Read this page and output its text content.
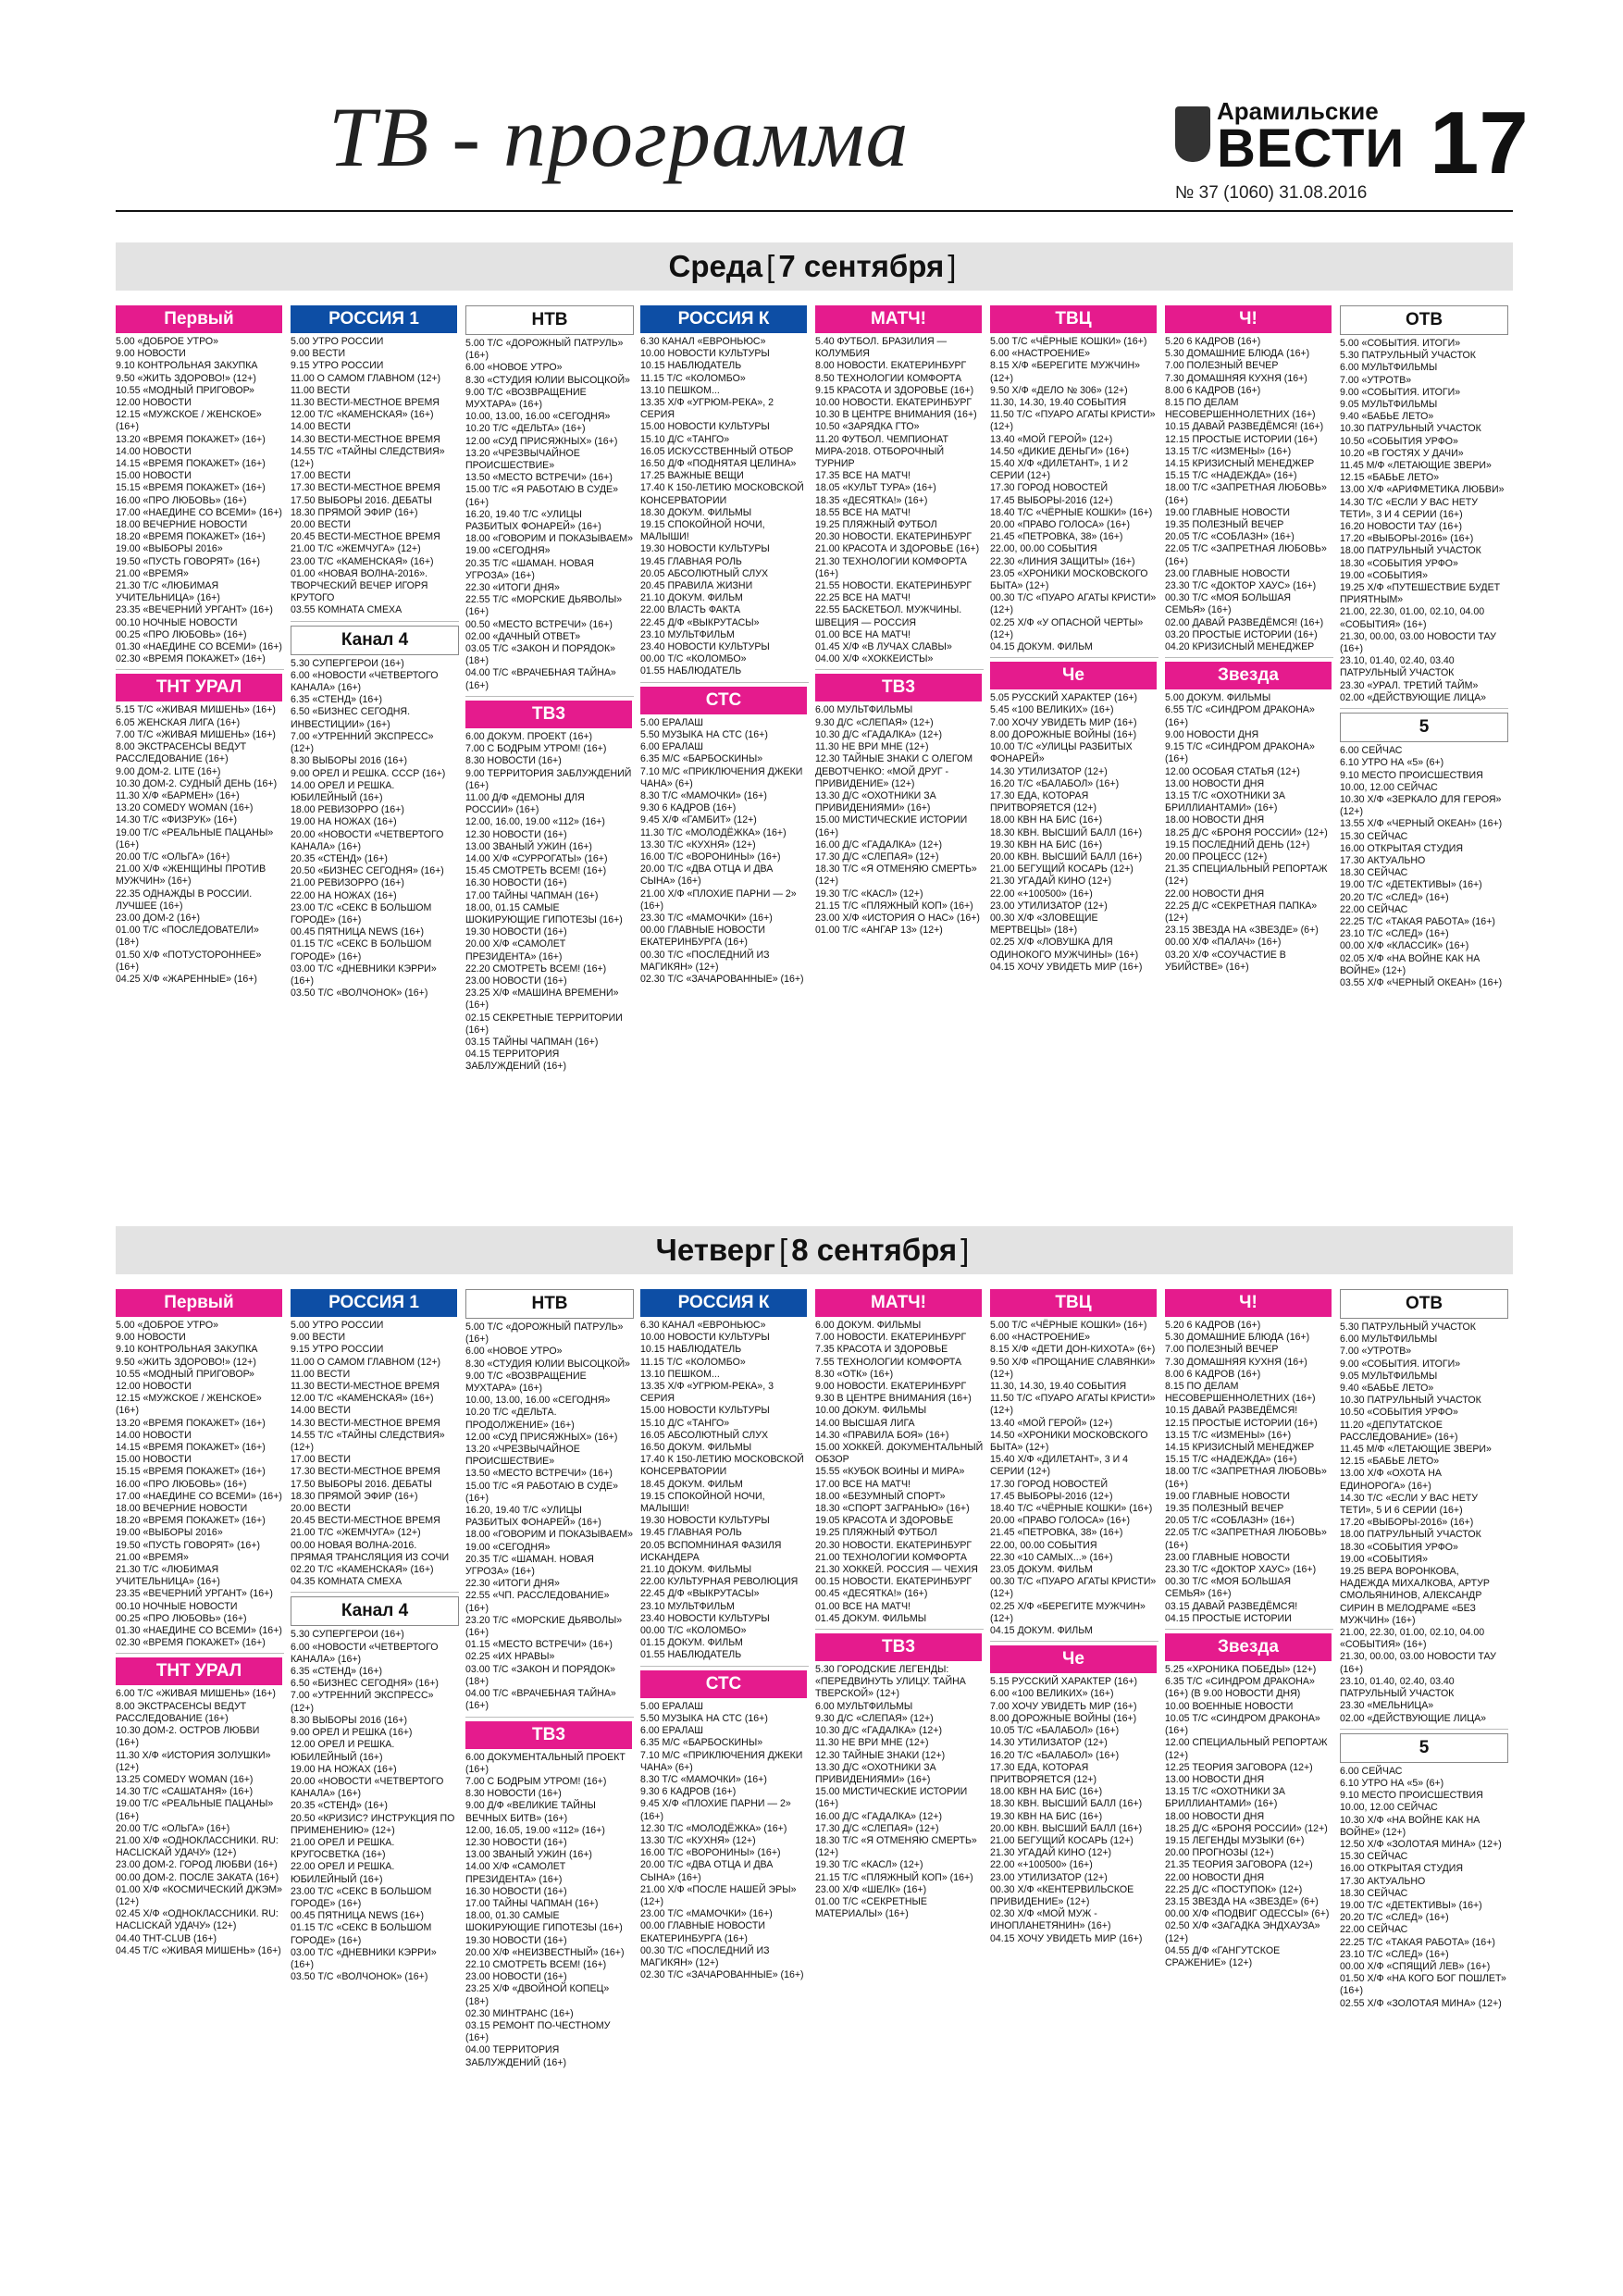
ТВ - программа	Арамильские
ВЕСТИ 17
№ 37 (1060) 31.08.2016
Среда [ 7 сентября ]
Первый
5.00 «ДОБРОЕ УТРО»
9.00 НОВОСТИ
9.10 КОНТРОЛЬНАЯ ЗАКУПКА
9.50 «ЖИТЬ ЗДОРОВО!» (12+)
10.55 «МОДНЫЙ ПРИГОВОР»
12.00 НОВОСТИ
12.15 «МУЖСКОЕ / ЖЕНСКОЕ» (16+)
13.20 «ВРЕМЯ ПОКАЖЕТ» (16+)
14.00 НОВОСТИ
14.15 «ВРЕМЯ ПОКАЖЕТ» (16+)
15.00 НОВОСТИ
15.15 «ВРЕМЯ ПОКАЖЕТ» (16+)
16.00 «ПРО ЛЮБОВЬ» (16+)
17.00 «НАЕДИНЕ СО ВСЕМИ» (16+)
18.00 ВЕЧЕРНИЕ НОВОСТИ
18.20 «ВРЕМЯ ПОКАЖЕТ» (16+)
19.00 «ВЫБОРЫ 2016»
19.50 «ПУСТЬ ГОВОРЯТ» (16+)
21.00 «ВРЕМЯ»
21.30 Т/С «ЛЮБИМАЯ УЧИТЕЛЬНИЦА» (16+)
23.35 «ВЕЧЕРНИЙ УРГАНТ» (16+)
00.10 НОЧНЫЕ НОВОСТИ
00.25 «ПРО ЛЮБОВЬ» (16+)
01.30 «НАЕДИНЕ СО ВСЕМИ» (16+)
02.30 «ВРЕМЯ ПОКАЖЕТ» (16+)
ТНТ УРАЛ
5.15 Т/С «ЖИВАЯ МИШЕНЬ» (16+)
6.05 ЖЕНСКАЯ ЛИГА (16+)
7.00 Т/С «ЖИВАЯ МИШЕНЬ» (16+)
8.00 ЭКСТРАСЕНСЫ ВЕДУТ РАССЛЕДОВАНИЕ (16+)
9.00 ДОМ-2. LITE (16+)
10.30 ДОМ-2. СУДНЫЙ ДЕНЬ (16+)
11.30 Х/Ф «БАРМЕН» (16+)
13.20 COMEDY WOMAN (16+)
14.30 Т/С «ФИЗРУК» (16+)
19.00 Т/С «РЕАЛЬНЫЕ ПАЦАНЫ» (16+)
20.00 Т/С «ОЛЬГА» (16+)
21.00 Х/Ф «ЖЕНЩИНЫ ПРОТИВ МУЖЧИН» (16+)
22.35 ОДНАЖДЫ В РОССИИ. ЛУЧШЕЕ (16+)
23.00 ДОМ-2 (16+)
01.00 Т/С «ПОСЛЕДОВАТЕЛИ» (18+)
01.50 Х/Ф «ПОТУСТОРОННЕЕ» (16+)
04.25 Х/Ф «ЖАРЕННЫЕ» (16+)
РОССИЯ 1
5.00 УТРО РОССИИ
9.00 ВЕСТИ
9.15 УТРО РОССИИ
11.00 О САМОМ ГЛАВНОМ (12+)
11.00 ВЕСТИ
11.30 ВЕСТИ-МЕСТНОЕ ВРЕМЯ
12.00 Т/С «КАМЕНСКАЯ» (16+)
14.00 ВЕСТИ
14.30 ВЕСТИ-МЕСТНОЕ ВРЕМЯ
14.55 Т/С «ТАЙНЫ СЛЕДСТВИЯ» (12+)
17.00 ВЕСТИ
17.30 ВЕСТИ-МЕСТНОЕ ВРЕМЯ
17.50 ВЫБОРЫ 2016. ДЕБАТЫ
18.30 ПРЯМОЙ ЭФИР (16+)
20.00 ВЕСТИ
20.45 ВЕСТИ-МЕСТНОЕ ВРЕМЯ
21.00 Т/С «ЖЕМЧУГА» (12+)
23.00 Т/С «КАМЕНСКАЯ» (16+)
01.00 «НОВАЯ ВОЛНА-2016». ТВОРЧЕСКИЙ ВЕЧЕР ИГОРЯ КРУТОГО
03.55 КОМНАТА СМЕХА
Канал 4
5.30 СУПЕРГЕРОИ (16+)
6.00 «НОВОСТИ «ЧЕТВЕРТОГО КАНАЛА» (16+)
6.35 «СТЕНД» (16+)
6.50 «БИЗНЕС СЕГОДНЯ. ИНВЕСТИЦИИ» (16+)
7.00 «УТРЕННИЙ ЭКСПРЕСС» (12+)
8.30 ВЫБОРЫ 2016 (16+)
9.00 ОРЕЛ И РЕШКА. СССР (16+)
14.00 ОРЕЛ И РЕШКА. ЮБИЛЕЙНЫЙ (16+)
18.00 РЕВИЗОРРО (16+)
19.00 НА НОЖАХ (16+)
20.00 «НОВОСТИ «ЧЕТВЕРТОГО КАНАЛА» (16+)
20.35 «СТЕНД» (16+)
20.50 «БИЗНЕС СЕГОДНЯ» (16+)
21.00 РЕВИЗОРРО (16+)
22.00 НА НОЖАХ (16+)
23.00 Т/С «СЕКС В БОЛЬШОМ ГОРОДЕ» (16+)
00.45 ПЯТНИЦА NEWS (16+)
01.15 Т/С «СЕКС В БОЛЬШОМ ГОРОДЕ» (16+)
03.00 Т/С «ДНЕВНИКИ КЭРРИ» (16+)
03.50 Т/С «ВОЛЧОНОК» (16+)
НТВ
5.00 Т/С «ДОРОЖНЫЙ ПАТРУЛЬ» (16+)
6.00 «НОВОЕ УТРО»
8.30 «СТУДИЯ ЮЛИИ ВЫСОЦКОЙ»
9.00 Т/С «ВОЗВРАЩЕНИЕ МУХТАРА» (16+)
10.00, 13.00, 16.00 «СЕГОДНЯ»
10.20 Т/С «ДЕЛЬТА» (16+)
12.00 «СУД ПРИСЯЖНЫХ» (16+)
13.20 «ЧРЕЗВЫЧАЙНОЕ ПРОИСШЕСТВИЕ»
13.50 «МЕСТО ВСТРЕЧИ» (16+)
15.00 Т/С «Я РАБОТАЮ В СУДЕ» (16+)
16.20, 19.40 Т/С «УЛИЦЫ РАЗБИТЫХ ФОНАРЕЙ» (16+)
18.00 «ГОВОРИМ И ПОКАЗЫВАЕМ»
19.00 «СЕГОДНЯ»
20.35 Т/С «ШАМАН. НОВАЯ УГРОЗА» (16+)
22.30 «ИТОГИ ДНЯ»
22.55 Т/С «МОРСКИЕ ДЬЯВОЛЫ» (16+)
00.50 «МЕСТО ВСТРЕЧИ» (16+)
02.00 «ДАЧНЫЙ ОТВЕТ»
03.05 Т/С «ЗАКОН И ПОРЯДОК» (18+)
04.00 Т/С «ВРАЧЕБНАЯ ТАЙНА» (16+)
ТВ3
6.00 ДОКУМ. ПРОЕКТ (16+)
7.00 С БОДРЫМ УТРОМ! (16+)
8.30 НОВОСТИ (16+)
9.00 ТЕРРИТОРИЯ ЗАБЛУЖДЕНИЙ (16+)
11.00 Д/Ф «ДЕМОНЫ ДЛЯ РОССИИ» (16+)
12.00, 16.00, 19.00 «112» (16+)
12.30 НОВОСТИ (16+)
13.00 ЗВАНЫЙ УЖИН (16+)
14.00 Х/Ф «СУРРОГАТЫ» (16+)
15.45 СМОТРЕТЬ ВСЕМ! (16+)
16.30 НОВОСТИ (16+)
17.00 ТАЙНЫ ЧАПМАН (16+)
18.00, 01.15 САМЫЕ ШОКИРУЮЩИЕ ГИПОТЕЗЫ (16+)
19.30 НОВОСТИ (16+)
20.00 Х/Ф «САМОЛЕТ ПРЕЗИДЕНТА» (16+)
22.20 СМОТРЕТЬ ВСЕМ! (16+)
23.00 НОВОСТИ (16+)
23.25 Х/Ф «МАШИНА ВРЕМЕНИ» (16+)
02.15 СЕКРЕТНЫЕ ТЕРРИТОРИИ (16+)
03.15 ТАЙНЫ ЧАПМАН (16+)
04.15 ТЕРРИТОРИЯ ЗАБЛУЖДЕНИЙ (16+)
РОССИЯ К
6.30 КАНАЛ «ЕВРОНЬЮС»
10.00 НОВОСТИ КУЛЬТУРЫ
10.15 НАБЛЮДАТЕЛЬ
11.15 Т/С «КОЛОМБО»
13.10 ПЕШКОМ...
13.35 Х/Ф «УГРЮМ-РЕКА», 2 СЕРИЯ
15.00 НОВОСТИ КУЛЬТУРЫ
15.10 Д/С «ТАНГО»
16.05 ИСКУССТВЕННЫЙ ОТБОР
16.50 Д/Ф «ПОДНЯТАЯ ЦЕЛИНА»
17.25 ВАЖНЫЕ ВЕЩИ
17.40 К 150-ЛЕТИЮ МОСКОВСКОЙ КОНСЕРВАТОРИИ
18.30 ДОКУМ. ФИЛЬМЫ
19.15 СПОКОЙНОЙ НОЧИ, МАЛЫШИ!
19.30 НОВОСТИ КУЛЬТУРЫ
19.45 ГЛАВНАЯ РОЛЬ
20.05 АБСОЛЮТНЫЙ СЛУХ
20.45 ПРАВИЛА ЖИЗНИ
21.10 ДОКУМ. ФИЛЬМ
22.00 ВЛАСТЬ ФАКТА
22.45 Д/Ф «ВЫКРУТАСЫ»
23.10 МУЛЬТФИЛЬМ
23.40 НОВОСТИ КУЛЬТУРЫ
00.00 Т/С «КОЛОМБО»
01.55 НАБЛЮДАТЕЛЬ
СТС
5.00 ЕРАЛАШ
5.50 МУЗЫКА НА СТС (16+)
6.00 ЕРАЛАШ
6.35 М/С «БАРБОСКИНЫ»
7.10 М/С «ПРИКЛЮЧЕНИЯ ДЖЕКИ ЧАНА» (6+)
8.30 Т/С «МАМОЧКИ» (16+)
9.30 6 КАДРОВ (16+)
9.45 Х/Ф «ГАМБИТ» (12+)
11.30 Т/С «МОЛОДЁЖКА» (16+)
13.30 Т/С «КУХНЯ» (12+)
16.00 Т/С «ВОРОНИНЫ» (16+)
20.00 Т/С «ДВА ОТЦА И ДВА СЫНА» (16+)
21.00 Х/Ф «ПЛОХИЕ ПАРНИ — 2» (16+)
23.30 Т/С «МАМОЧКИ» (16+)
00.00 ГЛАВНЫЕ НОВОСТИ ЕКАТЕРИНБУРГА (16+)
00.30 Т/С «ПОСЛЕДНИЙ ИЗ МАГИКЯН» (12+)
02.30 Т/С «ЗАЧАРОВАННЫЕ» (16+)
МАТЧ!
5.40 ФУТБОЛ. БРАЗИЛИЯ — КОЛУМБИЯ
8.00 НОВОСТИ. ЕКАТЕРИНБУРГ
8.50 ТЕХНОЛОГИИ КОМФОРТА
9.15 КРАСОТА И ЗДОРОВЬЕ (16+)
10.00 НОВОСТИ. ЕКАТЕРИНБУРГ
10.30 В ЦЕНТРЕ ВНИМАНИЯ (16+)
10.50 «ЗАРЯДКА ГТО»
11.20 ФУТБОЛ. ЧЕМПИОНАТ МИРА-2018. ОТБОРОЧНЫЙ ТУРНИР
17.35 ВСЕ НА МАТЧ!
18.05 «КУЛЬТ ТУРА» (16+)
18.35 «ДЕСЯТКА!» (16+)
18.55 ВСЕ НА МАТЧ!
19.25 ПЛЯЖНЫЙ ФУТБОЛ
20.30 НОВОСТИ. ЕКАТЕРИНБУРГ
21.00 КРАСОТА И ЗДОРОВЬЕ (16+)
21.30 ТЕХНОЛОГИИ КОМФОРТА (16+)
21.55 НОВОСТИ. ЕКАТЕРИНБУРГ
22.25 ВСЕ НА МАТЧ!
22.55 БАСКЕТБОЛ. МУЖЧИНЫ. ШВЕЦИЯ — РОССИЯ
01.00 ВСЕ НА МАТЧ!
01.45 Х/Ф «В ЛУЧАХ СЛАВЫ»
04.00 Х/Ф «ХОККЕИСТЫ»
ТВ3
6.00 МУЛЬТФИЛЬМЫ
9.30 Д/С «СЛЕПАЯ» (12+)
10.30 Д/С «ГАДАЛКА» (12+)
11.30 НЕ ВРИ МНЕ (12+)
12.30 ТАЙНЫЕ ЗНАКИ С ОЛЕГОМ ДЕВОТЧЕНКО: «МОЙ ДРУГ - ПРИВИДЕНИЕ» (12+)
13.30 Д/С «ОХОТНИКИ ЗА ПРИВИДЕНИЯМИ» (16+)
15.00 МИСТИЧЕСКИЕ ИСТОРИИ (16+)
16.00 Д/С «ГАДАЛКА» (12+)
17.30 Д/С «СЛЕПАЯ» (12+)
18.30 Т/С «Я ОТМЕНЯЮ СМЕРТЬ» (12+)
19.30 Т/С «КАСЛ» (12+)
21.15 Т/С «ПЛЯЖНЫЙ КОП» (16+)
23.00 Х/Ф «ИСТОРИЯ О НАС» (16+)
01.00 Т/С «АНГАР 13» (12+)
ТВЦ
5.00 Т/С «ЧЁРНЫЕ КОШКИ» (16+)
6.00 «НАСТРОЕНИЕ»
8.15 Х/Ф «БЕРЕГИТЕ МУЖЧИН» (12+)
9.50 Х/Ф «ДЕЛО № 306» (12+)
11.30, 14.30, 19.40 СОБЫТИЯ
11.50 Т/С «ПУАРО АГАТЫ КРИСТИ» (12+)
13.40 «МОЙ ГЕРОЙ» (12+)
14.50 «ДИКИЕ ДЕНЬГИ» (16+)
15.40 Х/Ф «ДИЛЕТАНТ», 1 И 2 СЕРИИ (12+)
17.30 ГОРОД НОВОСТЕЙ
17.45 ВЫБОРЫ-2016 (12+)
18.40 Т/С «ЧЁРНЫЕ КОШКИ» (16+)
20.00 «ПРАВО ГОЛОСА» (16+)
21.45 «ПЕТРОВКА, 38» (16+)
22.00, 00.00 СОБЫТИЯ
22.30 «ЛИНИЯ ЗАЩИТЫ» (16+)
23.05 «ХРОНИКИ МОСКОВСКОГО БЫТА» (12+)
00.30 Т/С «ПУАРО АГАТЫ КРИСТИ» (12+)
02.25 Х/Ф «У ОПАСНОЙ ЧЕРТЫ» (12+)
04.15 ДОКУМ. ФИЛЬМ
Че
5.05 РУССКИЙ ХАРАКТЕР (16+)
5.45 «100 ВЕЛИКИХ» (16+)
7.00 ХОЧУ УВИДЕТЬ МИР (16+)
8.00 ДОРОЖНЫЕ ВОЙНЫ (16+)
10.00 Т/С «УЛИЦЫ РАЗБИТЫХ ФОНАРЕЙ»
14.30 УТИЛИЗАТОР (12+)
16.20 Т/С «БАЛАБОЛ» (16+)
17.30 ЕДА, КОТОРАЯ ПРИТВОРЯЕТСЯ (12+)
18.00 КВН НА БИС (16+)
18.30 КВН. ВЫСШИЙ БАЛЛ (16+)
19.30 КВН НА БИС (16+)
20.00 КВН. ВЫСШИЙ БАЛЛ (16+)
21.00 БЕГУЩИЙ КОСАРЬ (12+)
21.30 УГАДАЙ КИНО (12+)
22.00 «+100500» (16+)
23.00 УТИЛИЗАТОР (12+)
00.30 Х/Ф «ЗЛОВЕЩИЕ МЕРТВЕЦЫ» (18+)
02.25 Х/Ф «ЛОВУШКА ДЛЯ ОДИНОКОГО МУЖЧИНЫ» (16+)
04.15 ХОЧУ УВИДЕТЬ МИР (16+)
Ч!
5.20 6 КАДРОВ (16+)
5.30 ДОМАШНИЕ БЛЮДА (16+)
7.00 ПОЛЕЗНЫЙ ВЕЧЕР
7.30 ДОМАШНЯЯ КУХНЯ (16+)
8.00 6 КАДРОВ (16+)
8.15 ПО ДЕЛАМ НЕСОВЕРШЕННОЛЕТНИХ (16+)
10.15 ДАВАЙ РАЗВЕДЁМСЯ! (16+)
12.15 ПРОСТЫЕ ИСТОРИИ (16+)
13.15 Т/С «ИЗМЕНЫ» (16+)
14.15 КРИЗИСНЫЙ МЕНЕДЖЕР
15.15 Т/С «НАДЕЖДА» (16+)
18.00 Т/С «ЗАПРЕТНАЯ ЛЮБОВЬ» (16+)
19.00 ГЛАВНЫЕ НОВОСТИ
19.35 ПОЛЕЗНЫЙ ВЕЧЕР
20.05 Т/С «СОБЛАЗН» (16+)
22.05 Т/С «ЗАПРЕТНАЯ ЛЮБОВЬ» (16+)
23.00 ГЛАВНЫЕ НОВОСТИ
23.30 Т/С «ДОКТОР ХАУС» (16+)
00.30 Т/С «МОЯ БОЛЬШАЯ СЕМЬЯ» (16+)
02.00 ДАВАЙ РАЗВЕДЁМСЯ! (16+)
03.20 ПРОСТЫЕ ИСТОРИИ (16+)
04.20 КРИЗИСНЫЙ МЕНЕДЖЕР
Звезда
5.00 ДОКУМ. ФИЛЬМЫ
6.55 Т/С «СИНДРОМ ДРАКОНА» (16+)
9.00 НОВОСТИ ДНЯ
9.15 Т/С «СИНДРОМ ДРАКОНА» (16+)
12.00 ОСОБАЯ СТАТЬЯ (12+)
13.00 НОВОСТИ ДНЯ
13.15 Т/С «ОХОТНИКИ ЗА БРИЛЛИАНТАМИ» (16+)
18.00 НОВОСТИ ДНЯ
18.25 Д/С «БРОНЯ РОССИИ» (12+)
19.15 ПОСЛЕДНИЙ ДЕНЬ (12+)
20.00 ПРОЦЕСС (12+)
21.35 СПЕЦИАЛЬНЫЙ РЕПОРТАЖ (12+)
22.00 НОВОСТИ ДНЯ
22.25 Д/С «СЕКРЕТНАЯ ПАПКА» (12+)
23.15 ЗВЕЗДА НА «ЗВЕЗДЕ» (6+)
00.00 Х/Ф «ПАЛАЧ» (16+)
03.20 Х/Ф «СОУЧАСТИЕ В УБИЙСТВЕ» (16+)
ОТВ
5.00 «СОБЫТИЯ. ИТОГИ»
5.30 ПАТРУЛЬНЫЙ УЧАСТОК
6.00 МУЛЬТФИЛЬМЫ
7.00 «УТРОТВ»
9.00 «СОБЫТИЯ. ИТОГИ»
9.05 МУЛЬТФИЛЬМЫ
9.40 «БАБЬЕ ЛЕТО»
10.30 ПАТРУЛЬНЫЙ УЧАСТОК
10.50 «СОБЫТИЯ УРФО»
10.20 «В ГОСТЯХ У ДАЧИ»
11.45 М/Ф «ЛЕТАЮЩИЕ ЗВЕРИ»
12.15 «БАБЬЕ ЛЕТО»
13.00 Х/Ф «АРИФМЕТИКА ЛЮБВИ»
14.30 Т/С «ЕСЛИ У ВАС НЕТУ ТЕТИ», 3 И 4 СЕРИИ (16+)
16.20 НОВОСТИ ТАУ (16+)
17.20 «ВЫБОРЫ-2016» (16+)
18.00 ПАТРУЛЬНЫЙ УЧАСТОК
18.30 «СОБЫТИЯ УРФО»
19.00 «СОБЫТИЯ»
19.25 Х/Ф «ПУТЕШЕСТВИЕ БУДЕТ ПРИЯТНЫМ»
21.00, 22.30, 01.00, 02.10, 04.00 «СОБЫТИЯ» (16+)
21.30, 00.00, 03.00 НОВОСТИ ТАУ (16+)
23.10, 01.40, 02.40, 03.40 ПАТРУЛЬНЫЙ УЧАСТОК
23.30 «УРАЛ. ТРЕТИЙ ТАЙМ»
02.00 «ДЕЙСТВУЮЩИЕ ЛИЦА»
5
6.00 СЕЙЧАС
6.10 УТРО НА «5» (6+)
9.10 МЕСТО ПРОИСШЕСТВИЯ
10.00, 12.00 СЕЙЧАС
10.30 Х/Ф «ЗЕРКАЛО ДЛЯ ГЕРОЯ» (12+)
13.55 Х/Ф «ЧЕРНЫЙ ОКЕАН» (16+)
15.30 СЕЙЧАС
16.00 ОТКРЫТАЯ СТУДИЯ
17.30 АКТУАЛЬНО
18.30 СЕЙЧАС
19.00 Т/С «ДЕТЕКТИВЫ» (16+)
20.20 Т/С «СЛЕД» (16+)
22.00 СЕЙЧАС
22.25 Т/С «ТАКАЯ РАБОТА» (16+)
23.10 Т/С «СЛЕД» (16+)
00.00 Х/Ф «КЛАССИК» (16+)
02.05 Х/Ф «НА ВОЙНЕ КАК НА ВОЙНЕ» (12+)
03.55 Х/Ф «ЧЕРНЫЙ ОКЕАН» (16+)
Четверг [ 8 сентября ]
Первый
5.00 «ДОБРОЕ УТРО»
9.00 НОВОСТИ
9.10 КОНТРОЛЬНАЯ ЗАКУПКА
9.50 «ЖИТЬ ЗДОРОВО!» (12+)
10.55 «МОДНЫЙ ПРИГОВОР»
12.00 НОВОСТИ
12.15 «МУЖСКОЕ / ЖЕНСКОЕ» (16+)
13.20 «ВРЕМЯ ПОКАЖЕТ» (16+)
14.00 НОВОСТИ
14.15 «ВРЕМЯ ПОКАЖЕТ» (16+)
15.00 НОВОСТИ
15.15 «ВРЕМЯ ПОКАЖЕТ» (16+)
16.00 «ПРО ЛЮБОВЬ» (16+)
17.00 «НАЕДИНЕ СО ВСЕМИ» (16+)
18.00 ВЕЧЕРНИЕ НОВОСТИ
18.20 «ВРЕМЯ ПОКАЖЕТ» (16+)
19.00 «ВЫБОРЫ 2016»
19.50 «ПУСТЬ ГОВОРЯТ» (16+)
21.00 «ВРЕМЯ»
21.30 Т/С «ЛЮБИМАЯ УЧИТЕЛЬНИЦА» (16+)
23.35 «ВЕЧЕРНИЙ УРГАНТ» (16+)
00.10 НОЧНЫЕ НОВОСТИ
00.25 «ПРО ЛЮБОВЬ» (16+)
01.30 «НАЕДИНЕ СО ВСЕМИ» (16+)
02.30 «ВРЕМЯ ПОКАЖЕТ» (16+)
ТНТ УРАЛ
6.00 Т/С «ЖИВАЯ МИШЕНЬ» (16+)
8.00 ЭКСТРАСЕНСЫ ВЕДУТ РАССЛЕДОВАНИЕ (16+)
10.30 ДОМ-2. ОСТРОВ ЛЮБВИ (16+)
11.30 Х/Ф «ИСТОРИЯ ЗОЛУШКИ» (12+)
13.25 COMEDY WOMAN (16+)
14.30 Т/С «САШАТАНЯ» (16+)
19.00 Т/С «РЕАЛЬНЫЕ ПАЦАНЫ» (16+)
20.00 Т/С «ОЛЬГА» (16+)
21.00 Х/Ф «ОДНОКЛАССНИКИ. RU: НАCLICKАЙ УДАЧУ» (12+)
23.00 ДОМ-2. ГОРОД ЛЮБВИ (16+)
00.00 ДОМ-2. ПОСЛЕ ЗАКАТА (16+)
01.00 Х/Ф «КОСМИЧЕСКИЙ ДЖЭМ» (12+)
02.45 Х/Ф «ОДНОКЛАССНИКИ. RU: НАCLICKАЙ УДАЧУ» (12+)
04.40 THT-CLUB (16+)
04.45 Т/С «ЖИВАЯ МИШЕНЬ» (16+)
РОССИЯ 1
5.00 УТРО РОССИИ
9.00 ВЕСТИ
9.15 УТРО РОССИИ
11.00 О САМОМ ГЛАВНОМ (12+)
11.00 ВЕСТИ
11.30 ВЕСТИ-МЕСТНОЕ ВРЕМЯ
12.00 Т/С «КАМЕНСКАЯ» (16+)
14.00 ВЕСТИ
14.30 ВЕСТИ-МЕСТНОЕ ВРЕМЯ
14.55 Т/С «ТАЙНЫ СЛЕДСТВИЯ» (12+)
17.00 ВЕСТИ
17.30 ВЕСТИ-МЕСТНОЕ ВРЕМЯ
17.50 ВЫБОРЫ 2016. ДЕБАТЫ
18.30 ПРЯМОЙ ЭФИР (16+)
20.00 ВЕСТИ
20.45 ВЕСТИ-МЕСТНОЕ ВРЕМЯ
21.00 Т/С «ЖЕМЧУГА» (12+)
00.00 НОВАЯ ВОЛНА-2016. ПРЯМАЯ ТРАНСЛЯЦИЯ ИЗ СОЧИ
02.20 Т/С «КАМЕНСКАЯ» (16+)
04.35 КОМНАТА СМЕХА
Канал 4
5.30 СУПЕРГЕРОИ (16+)
6.00 «НОВОСТИ «ЧЕТВЕРТОГО КАНАЛА» (16+)
6.35 «СТЕНД» (16+)
6.50 «БИЗНЕС СЕГОДНЯ» (16+)
7.00 «УТРЕННИЙ ЭКСПРЕСС» (12+)
8.30 ВЫБОРЫ 2016 (16+)
9.00 ОРЕЛ И РЕШКА (16+)
12.00 ОРЕЛ И РЕШКА. ЮБИЛЕЙНЫЙ (16+)
19.00 НА НОЖАХ (16+)
20.00 «НОВОСТИ «ЧЕТВЕРТОГО КАНАЛА» (16+)
20.35 «СТЕНД» (16+)
20.50 «КРИЗИС? ИНСТРУКЦИЯ ПО ПРИМЕНЕНИЮ» (12+)
21.00 ОРЕЛ И РЕШКА. КРУГОСВЕТКА (16+)
22.00 ОРЕЛ И РЕШКА. ЮБИЛЕЙНЫЙ (16+)
23.00 Т/С «СЕКС В БОЛЬШОМ ГОРОДЕ» (16+)
00.45 ПЯТНИЦА NEWS (16+)
01.15 Т/С «СЕКС В БОЛЬШОМ ГОРОДЕ» (16+)
03.00 Т/С «ДНЕВНИКИ КЭРРИ» (16+)
03.50 Т/С «ВОЛЧОНОК» (16+)
НТВ
5.00 Т/С «ДОРОЖНЫЙ ПАТРУЛЬ» (16+)
6.00 «НОВОЕ УТРО»
8.30 «СТУДИЯ ЮЛИИ ВЫСОЦКОЙ»
9.00 Т/С «ВОЗВРАЩЕНИЕ МУХТАРА» (16+)
10.00, 13.00, 16.00 «СЕГОДНЯ»
10.20 Т/С «ДЕЛЬТА. ПРОДОЛЖЕНИЕ» (16+)
12.00 «СУД ПРИСЯЖНЫХ» (16+)
13.20 «ЧРЕЗВЫЧАЙНОЕ ПРОИСШЕСТВИЕ»
13.50 «МЕСТО ВСТРЕЧИ» (16+)
15.00 Т/С «Я РАБОТАЮ В СУДЕ» (16+)
16.20, 19.40 Т/С «УЛИЦЫ РАЗБИТЫХ ФОНАРЕЙ» (16+)
18.00 «ГОВОРИМ И ПОКАЗЫВАЕМ»
19.00 «СЕГОДНЯ»
20.35 Т/С «ШАМАН. НОВАЯ УГРОЗА» (16+)
22.30 «ИТОГИ ДНЯ»
22.55 «ЧП. РАССЛЕДОВАНИЕ» (16+)
23.20 Т/С «МОРСКИЕ ДЬЯВОЛЫ» (16+)
01.15 «МЕСТО ВСТРЕЧИ» (16+)
02.25 «ИХ НРАВЫ»
03.00 Т/С «ЗАКОН И ПОРЯДОК» (18+)
04.00 Т/С «ВРАЧЕБНАЯ ТАЙНА» (16+)
ТВ3
6.00 ДОКУМЕНТАЛЬНЫЙ ПРОЕКТ (16+)
7.00 С БОДРЫМ УТРОМ! (16+)
8.30 НОВОСТИ (16+)
9.00 Д/Ф «ВЕЛИКИЕ ТАЙНЫ ВЕЧНЫХ БИТВ» (16+)
12.00, 16.05, 19.00 «112» (16+)
12.30 НОВОСТИ (16+)
13.00 ЗВАНЫЙ УЖИН (16+)
14.00 Х/Ф «САМОЛЕТ ПРЕЗИДЕНТА» (16+)
16.30 НОВОСТИ (16+)
17.00 ТАЙНЫ ЧАПМАН (16+)
18.00, 01.30 САМЫЕ ШОКИРУЮЩИЕ ГИПОТЕЗЫ (16+)
19.30 НОВОСТИ (16+)
20.00 Х/Ф «НЕИЗВЕСТНЫЙ» (16+)
22.10 СМОТРЕТЬ ВСЕМ! (16+)
23.00 НОВОСТИ (16+)
23.25 Х/Ф «ДВОЙНОЙ КОПЕЦ» (18+)
02.30 МИНТРАНС (16+)
03.15 РЕМОНТ ПО-ЧЕСТНОМУ (16+)
04.00 ТЕРРИТОРИЯ ЗАБЛУЖДЕНИЙ (16+)
РОССИЯ К
6.30 КАНАЛ «ЕВРОНЬЮС»
10.00 НОВОСТИ КУЛЬТУРЫ
10.15 НАБЛЮДАТЕЛЬ
11.15 Т/С «КОЛОМБО»
13.10 ПЕШКОМ...
13.35 Х/Ф «УГРЮМ-РЕКА», 3 СЕРИЯ
15.00 НОВОСТИ КУЛЬТУРЫ
15.10 Д/С «ТАНГО»
16.05 АБСОЛЮТНЫЙ СЛУХ
16.50 ДОКУМ. ФИЛЬМЫ
17.40 К 150-ЛЕТИЮ МОСКОВСКОЙ КОНСЕРВАТОРИИ
18.45 ДОКУМ. ФИЛЬМ
19.15 СПОКОЙНОЙ НОЧИ, МАЛЫШИ!
19.30 НОВОСТИ КУЛЬТУРЫ
19.45 ГЛАВНАЯ РОЛЬ
20.05 ВСПОМНИНАЯ ФАЗИЛЯ ИСКАНДЕРА
21.10 ДОКУМ. ФИЛЬМЫ
22.00 КУЛЬТУРНАЯ РЕВОЛЮЦИЯ
22.45 Д/Ф «ВЫКРУТАСЫ»
23.10 МУЛЬТФИЛЬМ
23.40 НОВОСТИ КУЛЬТУРЫ
00.00 Т/С «КОЛОМБО»
01.15 ДОКУМ. ФИЛЬМ
01.55 НАБЛЮДАТЕЛЬ
СТС
5.00 ЕРАЛАШ
5.50 МУЗЫКА НА СТС (16+)
6.00 ЕРАЛАШ
6.35 М/С «БАРБОСКИНЫ»
7.10 М/С «ПРИКЛЮЧЕНИЯ ДЖЕКИ ЧАНА» (6+)
8.30 Т/С «МАМОЧКИ» (16+)
9.30 6 КАДРОВ (16+)
9.45 Х/Ф «ПЛОХИЕ ПАРНИ — 2» (16+)
12.30 Т/С «МОЛОДЁЖКА» (16+)
13.30 Т/С «КУХНЯ» (12+)
16.00 Т/С «ВОРОНИНЫ» (16+)
20.00 Т/С «ДВА ОТЦА И ДВА СЫНА» (16+)
21.00 Х/Ф «ПОСЛЕ НАШЕЙ ЭРЫ» (12+)
23.00 Т/С «МАМОЧКИ» (16+)
00.00 ГЛАВНЫЕ НОВОСТИ ЕКАТЕРИНБУРГА (16+)
00.30 Т/С «ПОСЛЕДНИЙ ИЗ МАГИКЯН» (12+)
02.30 Т/С «ЗАЧАРОВАННЫЕ» (16+)
МАТЧ!
6.00 ДОКУМ. ФИЛЬМЫ
7.00 НОВОСТИ. ЕКАТЕРИНБУРГ
7.35 КРАСОТА И ЗДОРОВЬЕ
7.55 ТЕХНОЛОГИИ КОМФОРТА
8.30 «ОТК» (16+)
9.00 НОВОСТИ. ЕКАТЕРИНБУРГ
9.30 В ЦЕНТРЕ ВНИМАНИЯ (16+)
10.00 ДОКУМ. ФИЛЬМЫ
14.00 ВЫСШАЯ ЛИГА
14.30 «ПРАВИЛА БОЯ» (16+)
15.00 ХОККЕЙ. ДОКУМЕНТАЛЬНЫЙ ОБЗОР
15.55 «КУБОК ВОИНЫ И МИРА»
17.00 ВСЕ НА МАТЧ!
18.00 «БЕЗУМНЫЙ СПОРТ»
18.30 «СПОРТ ЗАГРАНЬЮ» (16+)
19.05 КРАСОТА И ЗДОРОВЬЕ
19.25 ПЛЯЖНЫЙ ФУТБОЛ
20.30 НОВОСТИ. ЕКАТЕРИНБУРГ
21.00 ТЕХНОЛОГИИ КОМФОРТА
21.30 ХОККЕЙ. РОССИЯ — ЧЕХИЯ
00.15 НОВОСТИ. ЕКАТЕРИНБУРГ
00.45 «ДЕСЯТКА!» (16+)
01.00 ВСЕ НА МАТЧ!
01.45 ДОКУМ. ФИЛЬМЫ
ТВ3
5.30 ГОРОДСКИЕ ЛЕГЕНДЫ: «ПЕРЕДВИНУТЬ УЛИЦУ. ТАЙНА ТВЕРСКОЙ» (12+)
6.00 МУЛЬТФИЛЬМЫ
9.30 Д/С «СЛЕПАЯ» (12+)
10.30 Д/С «ГАДАЛКА» (12+)
11.30 НЕ ВРИ МНЕ (12+)
12.30 ТАЙНЫЕ ЗНАКИ (12+)
13.30 Д/С «ОХОТНИКИ ЗА ПРИВИДЕНИЯМИ» (16+)
15.00 МИСТИЧЕСКИЕ ИСТОРИИ (16+)
16.00 Д/С «ГАДАЛКА» (12+)
17.30 Д/С «СЛЕПАЯ» (12+)
18.30 Т/С «Я ОТМЕНЯЮ СМЕРТЬ» (12+)
19.30 Т/С «КАСЛ» (12+)
21.15 Т/С «ПЛЯЖНЫЙ КОП» (16+)
23.00 Х/Ф «ШЕЛК» (16+)
01.00 Т/С «СЕКРЕТНЫЕ МАТЕРИАЛЫ» (16+)
ТВЦ
5.00 Т/С «ЧЁРНЫЕ КОШКИ» (16+)
6.00 «НАСТРОЕНИЕ»
8.15 Х/Ф «ДЕТИ ДОН-КИХОТА» (6+)
9.50 Х/Ф «ПРОЩАНИЕ СЛАВЯНКИ» (12+)
11.30, 14.30, 19.40 СОБЫТИЯ
11.50 Т/С «ПУАРО АГАТЫ КРИСТИ» (12+)
13.40 «МОЙ ГЕРОЙ» (12+)
14.50 «ХРОНИКИ МОСКОВСКОГО БЫТА» (12+)
15.40 Х/Ф «ДИЛЕТАНТ», 3 И 4 СЕРИИ (12+)
17.30 ГОРОД НОВОСТЕЙ
17.45 ВЫБОРЫ-2016 (12+)
18.40 Т/С «ЧЁРНЫЕ КОШКИ» (16+)
20.00 «ПРАВО ГОЛОСА» (16+)
21.45 «ПЕТРОВКА, 38» (16+)
22.00, 00.00 СОБЫТИЯ
22.30 «10 САМЫХ...» (16+)
23.05 ДОКУМ. ФИЛЬМ
00.30 Т/С «ПУАРО АГАТЫ КРИСТИ» (12+)
02.25 Х/Ф «БЕРЕГИТЕ МУЖЧИН» (12+)
04.15 ДОКУМ. ФИЛЬМ
Че
5.15 РУССКИЙ ХАРАКТЕР (16+)
6.00 «100 ВЕЛИКИХ» (16+)
7.00 ХОЧУ УВИДЕТЬ МИР (16+)
8.00 ДОРОЖНЫЕ ВОЙНЫ (16+)
10.05 Т/С «БАЛАБОЛ» (16+)
14.30 УТИЛИЗАТОР (12+)
16.20 Т/С «БАЛАБОЛ» (16+)
17.30 ЕДА, КОТОРАЯ ПРИТВОРЯЕТСЯ (12+)
18.00 КВН НА БИС (16+)
18.30 КВН. ВЫСШИЙ БАЛЛ (16+)
19.30 КВН НА БИС (16+)
20.00 КВН. ВЫСШИЙ БАЛЛ (16+)
21.00 БЕГУЩИЙ КОСАРЬ (12+)
21.30 УГАДАЙ КИНО (12+)
22.00 «+100500» (16+)
23.00 УТИЛИЗАТОР (12+)
00.30 Х/Ф «КЕНТЕРВИЛЬСКОЕ ПРИВИДЕНИЕ» (12+)
02.30 Х/Ф «МОЙ МУЖ - ИНОПЛАНЕТЯНИН» (16+)
04.15 ХОЧУ УВИДЕТЬ МИР (16+)
Ч!
5.20 6 КАДРОВ (16+)
5.30 ДОМАШНИЕ БЛЮДА (16+)
7.00 ПОЛЕЗНЫЙ ВЕЧЕР
7.30 ДОМАШНЯЯ КУХНЯ (16+)
8.00 6 КАДРОВ (16+)
8.15 ПО ДЕЛАМ НЕСОВЕРШЕННОЛЕТНИХ (16+)
10.15 ДАВАЙ РАЗВЕДЁМСЯ!
12.15 ПРОСТЫЕ ИСТОРИИ (16+)
13.15 Т/С «ИЗМЕНЫ» (16+)
14.15 КРИЗИСНЫЙ МЕНЕДЖЕР
15.15 Т/С «НАДЕЖДА» (16+)
18.00 Т/С «ЗАПРЕТНАЯ ЛЮБОВЬ» (16+)
19.00 ГЛАВНЫЕ НОВОСТИ
19.35 ПОЛЕЗНЫЙ ВЕЧЕР
20.05 Т/С «СОБЛАЗН» (16+)
22.05 Т/С «ЗАПРЕТНАЯ ЛЮБОВЬ» (16+)
23.00 ГЛАВНЫЕ НОВОСТИ
23.30 Т/С «ДОКТОР ХАУС» (16+)
00.30 Т/С «МОЯ БОЛЬШАЯ СЕМЬЯ» (16+)
03.15 ДАВАЙ РАЗВЕДЁМСЯ!
04.15 ПРОСТЫЕ ИСТОРИИ
Звезда
5.25 «ХРОНИКА ПОБЕДЫ» (12+)
6.35 Т/С «СИНДРОМ ДРАКОНА» (16+) (В 9.00 НОВОСТИ ДНЯ)
10.00 ВОЕННЫЕ НОВОСТИ
10.05 Т/С «СИНДРОМ ДРАКОНА» (16+)
12.00 СПЕЦИАЛЬНЫЙ РЕПОРТАЖ (12+)
12.25 ТЕОРИЯ ЗАГОВОРА (12+)
13.00 НОВОСТИ ДНЯ
13.15 Т/С «ОХОТНИКИ ЗА БРИЛЛИАНТАМИ» (16+)
18.00 НОВОСТИ ДНЯ
18.25 Д/С «БРОНЯ РОССИИ» (12+)
19.15 ЛЕГЕНДЫ МУЗЫКИ (6+)
20.00 ПРОГНОЗЫ (12+)
21.35 ТЕОРИЯ ЗАГОВОРА (12+)
22.00 НОВОСТИ ДНЯ
22.25 Д/С «ПОСТУПОК» (12+)
23.15 ЗВЕЗДА НА «ЗВЕЗДЕ» (6+)
00.00 Х/Ф «ПОДВИГ ОДЕССЫ» (6+)
02.50 Х/Ф «ЗАГАДКА ЭНДХАУЗА» (12+)
04.55 Д/Ф «ГАНГУТСКОЕ СРАЖЕНИЕ» (12+)
ОТВ
5.30 ПАТРУЛЬНЫЙ УЧАСТОК
6.00 МУЛЬТФИЛЬМЫ
7.00 «УТРОТВ»
9.00 «СОБЫТИЯ. ИТОГИ»
9.05 МУЛЬТФИЛЬМЫ
9.40 «БАБЬЕ ЛЕТО»
10.30 ПАТРУЛЬНЫЙ УЧАСТОК
10.50 «СОБЫТИЯ УРФО»
11.20 «ДЕПУТАТСКОЕ РАССЛЕДОВАНИЕ» (16+)
11.45 М/Ф «ЛЕТАЮЩИЕ ЗВЕРИ»
12.15 «БАБЬЕ ЛЕТО»
13.00 Х/Ф «ОХОТА НА ЕДИНОРОГА» (16+)
14.30 Т/С «ЕСЛИ У ВАС НЕТУ ТЕТИ», 5 И 6 СЕРИИ (16+)
17.20 «ВЫБОРЫ-2016» (16+)
18.00 ПАТРУЛЬНЫЙ УЧАСТОК
18.30 «СОБЫТИЯ УРФО»
19.00 «СОБЫТИЯ»
19.25 ВЕРА ВОРОНКОВА, НАДЕЖДА МИХАЛКОВА, АРТУР СМОЛЬЯНИНОВ, АЛЕКСАНДР СИРИН В МЕЛОДРАМЕ «БЕЗ МУЖЧИН» (16+)
21.00, 22.30, 01.00, 02.10, 04.00 «СОБЫТИЯ» (16+)
21.30, 00.00, 03.00 НОВОСТИ ТАУ (16+)
23.10, 01.40, 02.40, 03.40 ПАТРУЛЬНЫЙ УЧАСТОК
23.30 «МЕЛЬНИЦА»
02.00 «ДЕЙСТВУЮЩИЕ ЛИЦА»
5
6.00 СЕЙЧАС
6.10 УТРО НА «5» (6+)
9.10 МЕСТО ПРОИСШЕСТВИЯ
10.00, 12.00 СЕЙЧАС
10.30 Х/Ф «НА ВОЙНЕ КАК НА ВОЙНЕ» (12+)
12.50 Х/Ф «ЗОЛОТАЯ МИНА» (12+)
15.30 СЕЙЧАС
16.00 ОТКРЫТАЯ СТУДИЯ
17.30 АКТУАЛЬНО
18.30 СЕЙЧАС
19.00 Т/С «ДЕТЕКТИВЫ» (16+)
20.20 Т/С «СЛЕД» (16+)
22.00 СЕЙЧАС
22.25 Т/С «ТАКАЯ РАБОТА» (16+)
23.10 Т/С «СЛЕД» (16+)
00.00 Х/Ф «СПЯЩИЙ ЛЕВ» (16+)
01.50 Х/Ф «НА КОГО БОГ ПОШЛЕТ» (16+)
02.55 Х/Ф «ЗОЛОТАЯ МИНА» (12+)
